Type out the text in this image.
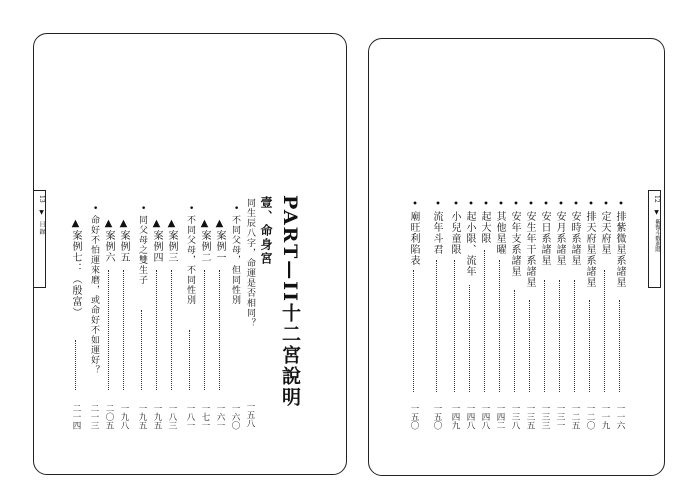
13
▼
目 錄	PART—II十二宮說明
壹、命身宮
同生辰八字，命運是否相同？
一五八
• 不同父母，但同性別
一六〇
▲案例一
一六一
▲案例二
一七一
• 不同父母，不同性別
一八一
▲案例三
一八三
▲案例四
一九五
• 同父母之雙生子
一九五
▲案例五
一九八
▲案例六
二〇五
• 命好不怕運來磨，或命好不如運好？
二一三
▲案例七：（殷富）
二一四
12
▼
紫微斗數進階
• 排紫微星系諸星
一一六
• 定天府星
一一九
• 排天府星系諸星
一二〇
• 安時系諸星
一二五
• 安月系諸星
一三一
• 安日系諸星
一三三
• 安生年干系諸星
一三五
• 安年支系諸星
一三八
• 其他星曜
一四二
• 起大限
一四八
• 起小限、流年
一四八
• 小兒童限
一四九
• 流年斗君
一五〇
• 廟旺利陷表
一五〇
